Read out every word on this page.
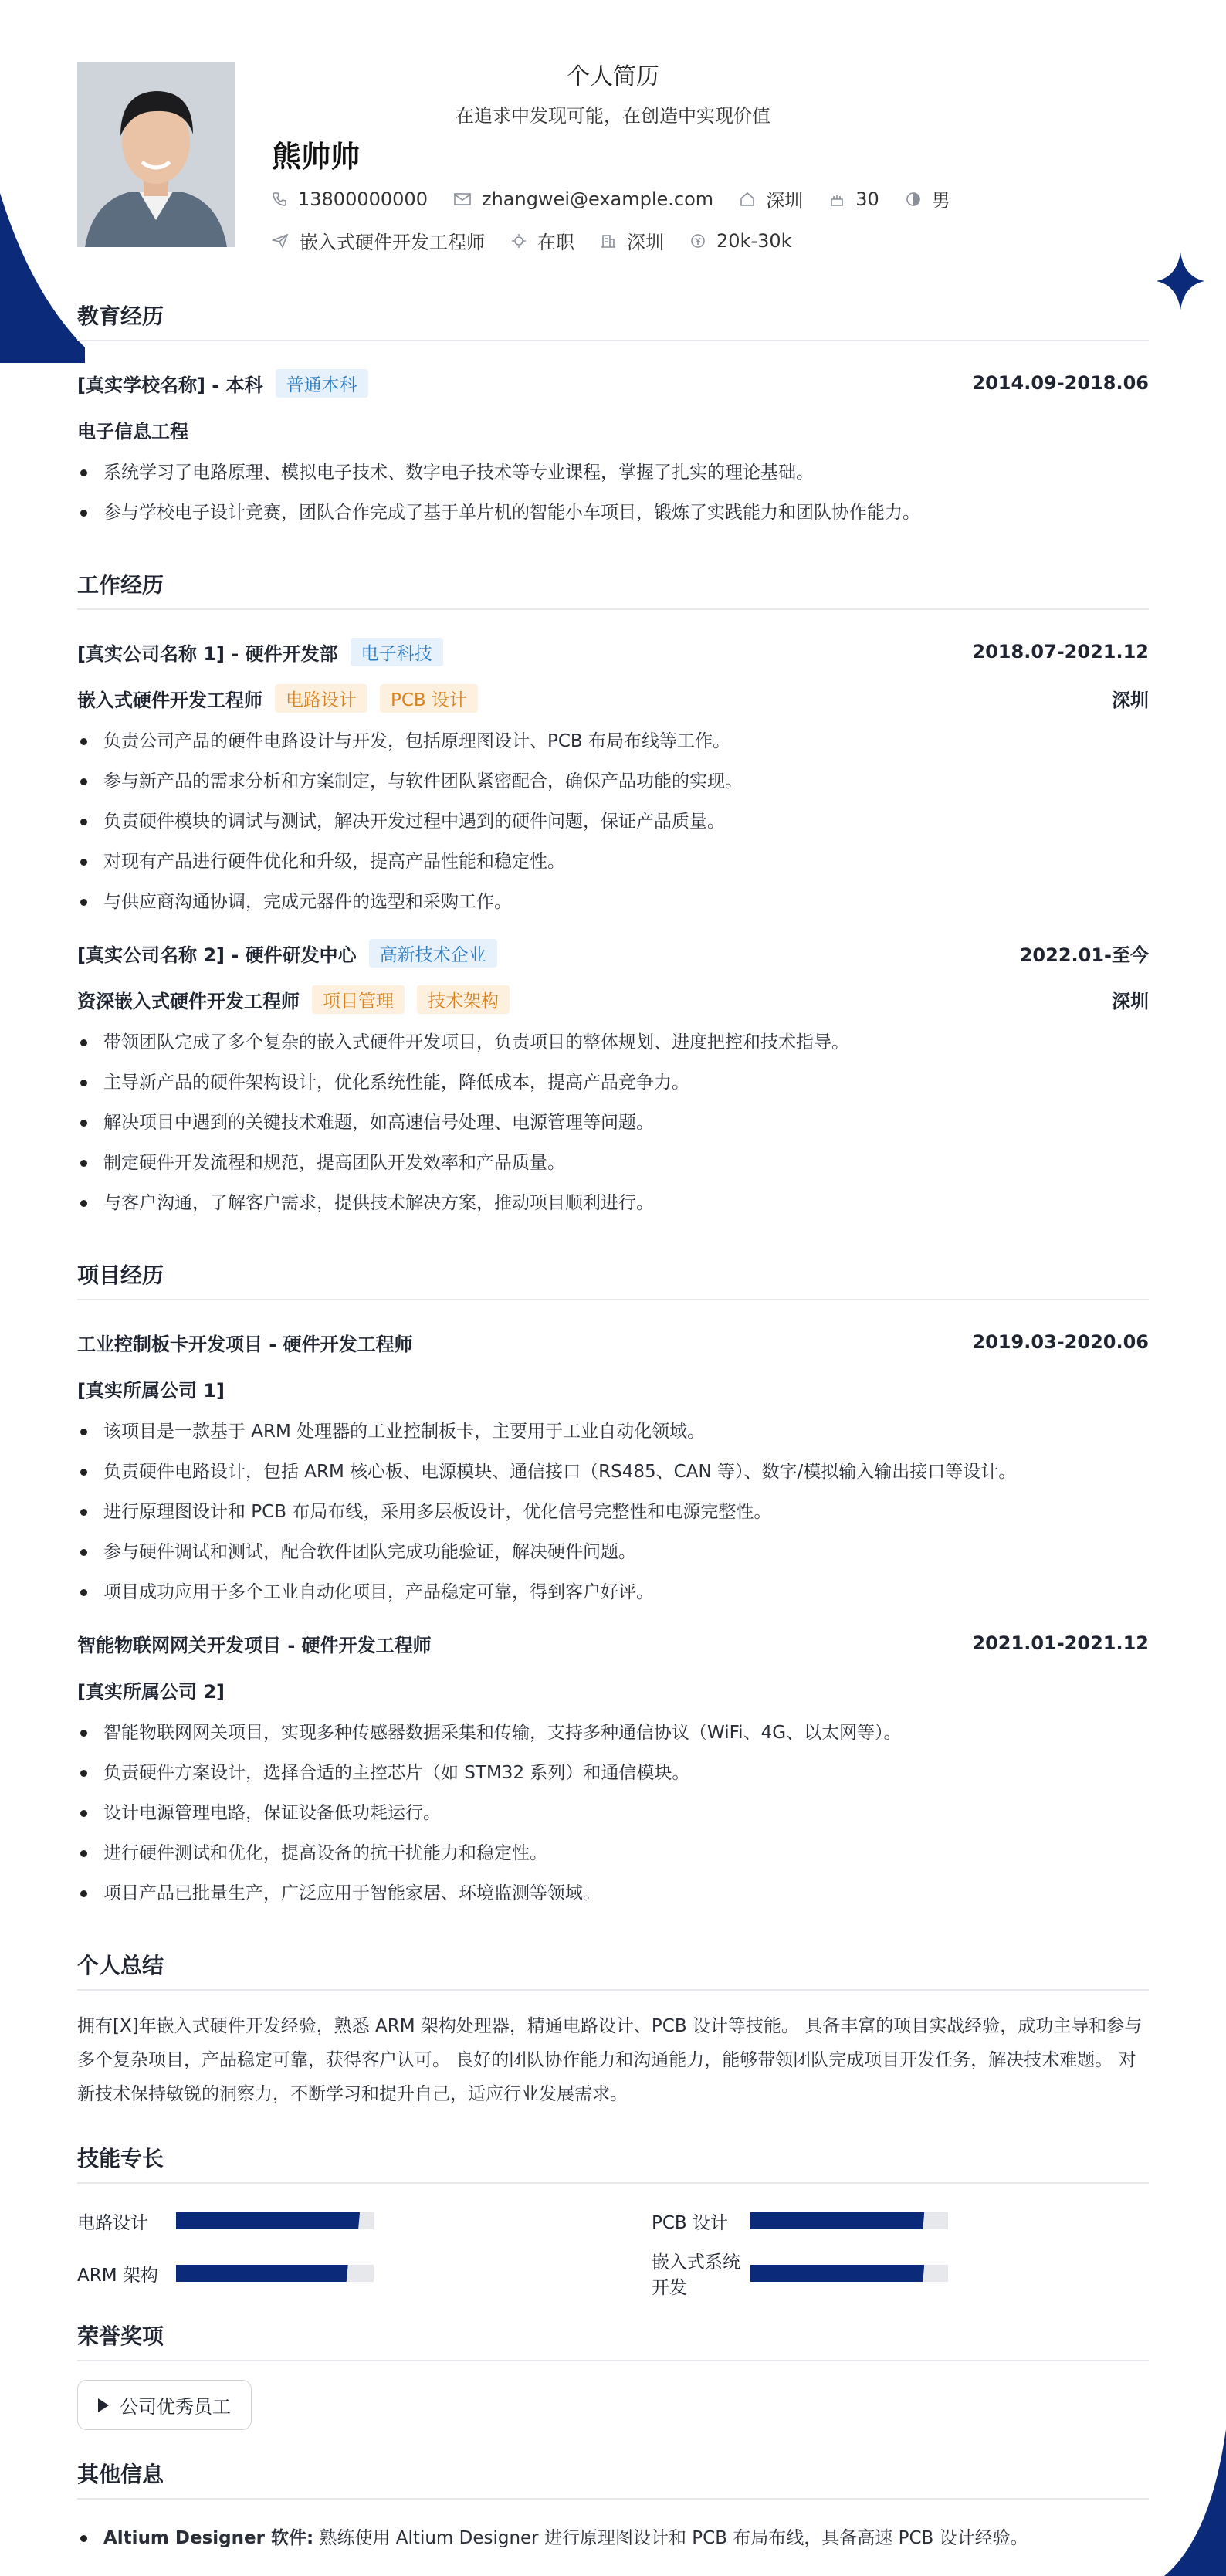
个人简历
在追求中发现可能，在创造中实现价值
熊帅帅
13800000000	zhangwei@example.com	深圳	30	男
嵌入式硬件开发工程师	在职	深圳	20k-30k
教育经历
[真实学校名称] - 本科	普通本科	2014.09-2018.06
电子信息工程
系统学习了电路原理、模拟电子技术、数字电子技术等专业课程，掌握了扎实的理论基础。
参与学校电子设计竞赛，团队合作完成了基于单片机的智能小车项目，锻炼了实践能力和团队协作能力。
工作经历
[真实公司名称 1] - 硬件开发部	电子科技	2018.07-2021.12
嵌入式硬件开发工程师	电路设计	PCB 设计	深圳
负责公司产品的硬件电路设计与开发，包括原理图设计、PCB 布局布线等工作。
参与新产品的需求分析和方案制定，与软件团队紧密配合，确保产品功能的实现。
负责硬件模块的调试与测试，解决开发过程中遇到的硬件问题，保证产品质量。
对现有产品进行硬件优化和升级，提高产品性能和稳定性。
与供应商沟通协调，完成元器件的选型和采购工作。
[真实公司名称 2] - 硬件研发中心	高新技术企业	2022.01-至今
资深嵌入式硬件开发工程师	项目管理	技术架构	深圳
带领团队完成了多个复杂的嵌入式硬件开发项目，负责项目的整体规划、进度把控和技术指导。
主导新产品的硬件架构设计，优化系统性能，降低成本，提高产品竞争力。
解决项目中遇到的关键技术难题，如高速信号处理、电源管理等问题。
制定硬件开发流程和规范，提高团队开发效率和产品质量。
与客户沟通，了解客户需求，提供技术解决方案，推动项目顺利进行。
项目经历
工业控制板卡开发项目 - 硬件开发工程师	2019.03-2020.06
[真实所属公司 1]
该项目是一款基于 ARM 处理器的工业控制板卡，主要用于工业自动化领域。
负责硬件电路设计，包括 ARM 核心板、电源模块、通信接口（RS485、CAN 等）、数字/模拟输入输出接口等设计。
进行原理图设计和 PCB 布局布线，采用多层板设计，优化信号完整性和电源完整性。
参与硬件调试和测试，配合软件团队完成功能验证，解决硬件问题。
项目成功应用于多个工业自动化项目，产品稳定可靠，得到客户好评。
智能物联网网关开发项目 - 硬件开发工程师	2021.01-2021.12
[真实所属公司 2]
智能物联网网关项目，实现多种传感器数据采集和传输，支持多种通信协议（WiFi、4G、以太网等）。
负责硬件方案设计，选择合适的主控芯片（如 STM32 系列）和通信模块。
设计电源管理电路，保证设备低功耗运行。
进行硬件测试和优化，提高设备的抗干扰能力和稳定性。
项目产品已批量生产，广泛应用于智能家居、环境监测等领域。
个人总结
拥有[X]年嵌入式硬件开发经验，熟悉 ARM 架构处理器，精通电路设计、PCB 设计等技能。 具备丰富的项目实战经验，成功主导和参与多个复杂项目，产品稳定可靠，获得客户认可。 良好的团队协作能力和沟通能力，能够带领团队完成项目开发任务，解决技术难题。 对新技术保持敏锐的洞察力，不断学习和提升自己，适应行业发展需求。
技能专长
电路设计	PCB 设计
ARM 架构
嵌入式系统开发
荣誉奖项
公司优秀员工
其他信息
Altium Designer 软件: 熟练使用 Altium Designer 进行原理图设计和 PCB 布局布线，具备高速 PCB 设计经验。
